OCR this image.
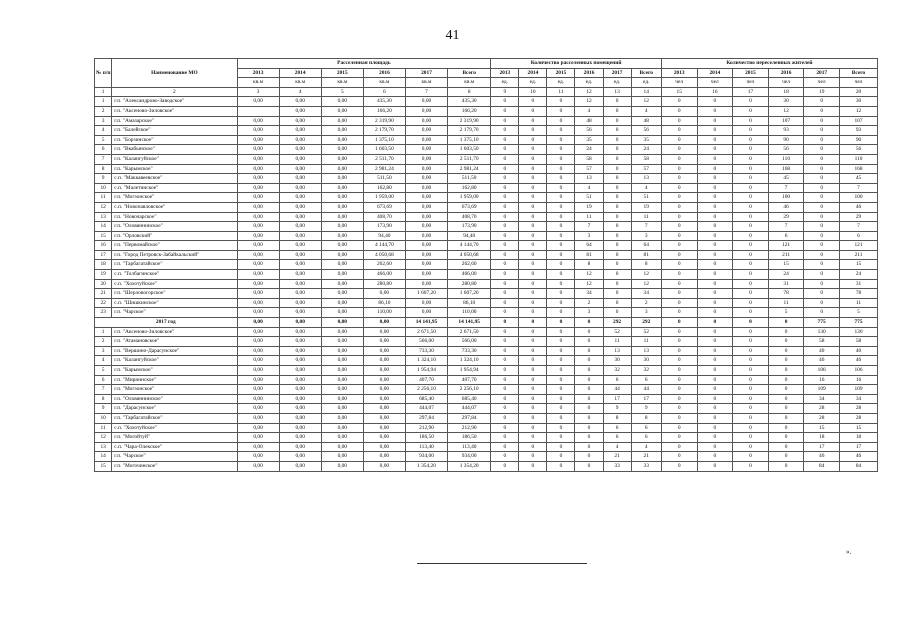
41
№ п/п	Наименование МО	Расселенная площадь						Количество расселенных помещений						Количество переселенных жителей					
		2013	2014	2015	2016	2017	Всего	2013	2014	2015	2016	2017	Всего	2013	2014	2015	2016	2017	Всего
		кв.м	кв.м	кв.м	кв.м	кв.м	кв.м	ед.	ед.	ед.	ед.	ед.	ед.	чел	чел	чел	чел	чел	чел
1	2	3	4	5	6	7	8	9	10	11	12	13	14	15	16	17	18	19	20
1	г.п. "Александровo-Заводское"	0,00	0,00	0,00	435,30	0,00	435,30	0	0	0	12	0	12	0	0	0	30	0	30
2	г.п. "Аксеново-Зиловское"		0,00	0,00	166,20	0,00	166,20	0	0	0	4	0	4	0	0	0	12	0	12
3	г.п. "Амазарское"	0,00	0,00	0,00	2 319,90	0,00	2 319,90	0	0	0	48	0	48	0	0	0	107	0	107
4	г.п. "Балейское"	0,00	0,00	0,00	2 179,70	0,00	2 179,70	0	0	0	56	0	56	0	0	0	93	0	93
5	г.п. "Борзинское"	0,00	0,00	0,00	1 375,10	0,00	1 375,10	0	0	0	35	0	35	0	0	0	90	0	90
6	г.п. "Вкабынское"	0,00	0,00	0,00	1 603,50	0,00	1 603,50	0	0	0	24	0	24	0	0	0	56	0	56
7	г.п. "Калангуйское"	0,00	0,00	0,00	2 511,70	0,00	2 511,70	0	0	0	58	0	58	0	0	0	110	0	110
8	г.п. "Карымское"	0,00	0,00	0,00	2 981,24	0,00	2 981,24	0	0	0	57	0	57	0	0	0	168	0	168
9	с.п. "Маккавеевское"	0,00	0,00	0,00	511,50	0,00	511,50	0	0	0	13	0	13	0	0	0	45	0	45
10	с.п. "Малетинское"	0,00	0,00	0,00	162,80	0,00	162,80	0	0	0	4	0	4	0	0	0	7	0	7
11	г.п. "Могзонское"	0,00	0,00	0,00	1 959,00	0,00	1 959,00	0	0	0	51	0	51	0	0	0	100	0	100
12	с.п. "Новопавловское"	0,00	0,00	0,00	673,69	0,00	673,69	0	0	0	19	0	19	0	0	0	46	0	46
13	г.п. "Новочарское"	0,00	0,00	0,00	408,70	0,00	408,70	0	0	0	11	0	11	0	0	0	29	0	29
14	г.п. "Оловяннинское"	0,00	0,00	0,00	173,90	0,00	173,90	0	0	0	7	0	7	0	0	0	7	0	7
15	г.п. "Орловский"	0,00	0,00	0,00	94,40	0,00	94,40	0	0	0	3	0	3	0	0	0	6	0	6
16	г.п. "Первомайское"	0,00	0,00	0,00	4 144,70	0,00	4 144,70	0	0	0	64	0	64	0	0	0	121	0	121
17	г.п. "Город Петровск-Забайкальский"	0,00	0,00	0,00	4 050,68	0,00	4 050,68	0	0	0	81	0	81	0	0	0	211	0	211
18	г.п. "Тарбагатайское"	0,00	0,00	0,00	262,60	0,00	262,60	0	0	0	8	0	8	0	0	0	15	0	15
19	с.п. "Толбагинское"	0,00	0,00	0,00	466,00	0,00	466,00	0	0	0	12	0	12	0	0	0	24	0	24
20	с.п. "Хохотуйское"	0,00	0,00	0,00	280,80	0,00	280,80	0	0	0	12	0	12	0	0	0	31	0	31
21	г.п. "Шерловогорское"	0,00	0,00	0,00	0,00	1 607,20	1 607,20	0	0	0	34	0	34	0	0	0	78	0	78
22	с.п. "Шишкинское"	0,00	0,00	0,00	86,10	0,00	86,10	0	0	0	2	0	2	0	0	0	11	0	11
23	г.п. "Чарское"	0,00	0,00	0,00	110,00	0,00	110,00	0	0	0	3	0	3	0	0	0	5	0	5
2017 год		0,00	0,00	0,00	0,00	14 141,95	14 141,95	0	0	0	0	292	292	0	0	0	0	775	775
1	г.п. "Аксеново-Зиловское"	0,00	0,00	0,00	0,00	2 671,50	2 671,50	0	0	0	0	52	52	0	0	0	0	130	130
2	г.п. "Атамановское"	0,00	0,00	0,00	0,00	566,00	566,00	0	0	0	0	11	11	0	0	0	0	58	58
3	г.п. "Вершино-Дарасунское"	0,00	0,00	0,00	0,00	733,30	733,30	0	0	0	0	13	13	0	0	0	0	40	40
4	г.п. "Калангуйское"	0,00	0,00	0,00	0,00	1 324,10	1 324,10	0	0	0	0	30	30	0	0	0	0	46	46
5	г.п. "Карымское"	0,00	0,00	0,00	0,00	1 954,94	1 954,94	0	0	0	0	32	32	0	0	0	0	106	106
6	г.п. "Мирнинское"	0,00	0,00	0,00	0,00	407,70	407,70	0	0	0	0	6	6	0	0	0	0	16	16
7	г.п. "Могзонское"	0,00	0,00	0,00	0,00	2 256,10	2 256,10	0	0	0	0	44	44	0	0	0	0	109	109
8	г.п. "Оловяннинское"	0,00	0,00	0,00	0,00	685,40	685,40	0	0	0	0	17	17	0	0	0	0	34	34
9	г.п. "Дарасунское"	0,00	0,00	0,00	0,00	444,07	444,07	0	0	0	0	9	9	0	0	0	0	28	28
10	г.п. "Тарбагатайское"	0,00	0,00	0,00	0,00	297,84	297,84	0	0	0	0	8	8	0	0	0	0	28	28
11	с.п. "Хохотуйское"	0,00	0,00	0,00	0,00	212,90	212,90	0	0	0	0	6	6	0	0	0	0	15	15
12	г.п. "Могойтуй"	0,00	0,00	0,00	0,00	186,50	186,50	0	0	0	0	6	6	0	0	0	0	18	18
13	с.п. "Чара-Олекское"	0,00	0,00	0,00	0,00	113,40	113,40	0	0	0	0	4	4	0	0	0	0	17	17
14	г.п. "Чарское"	0,00	0,00	0,00	0,00	934,00	934,00	0	0	0	0	21	21	0	0	0	0	46	46
15	г.п. "Могочинское"	0,00	0,00	0,00	0,00	1 354,20	1 354,20	0	0	0	0	33	33	0	0	0	0	84	84
».
